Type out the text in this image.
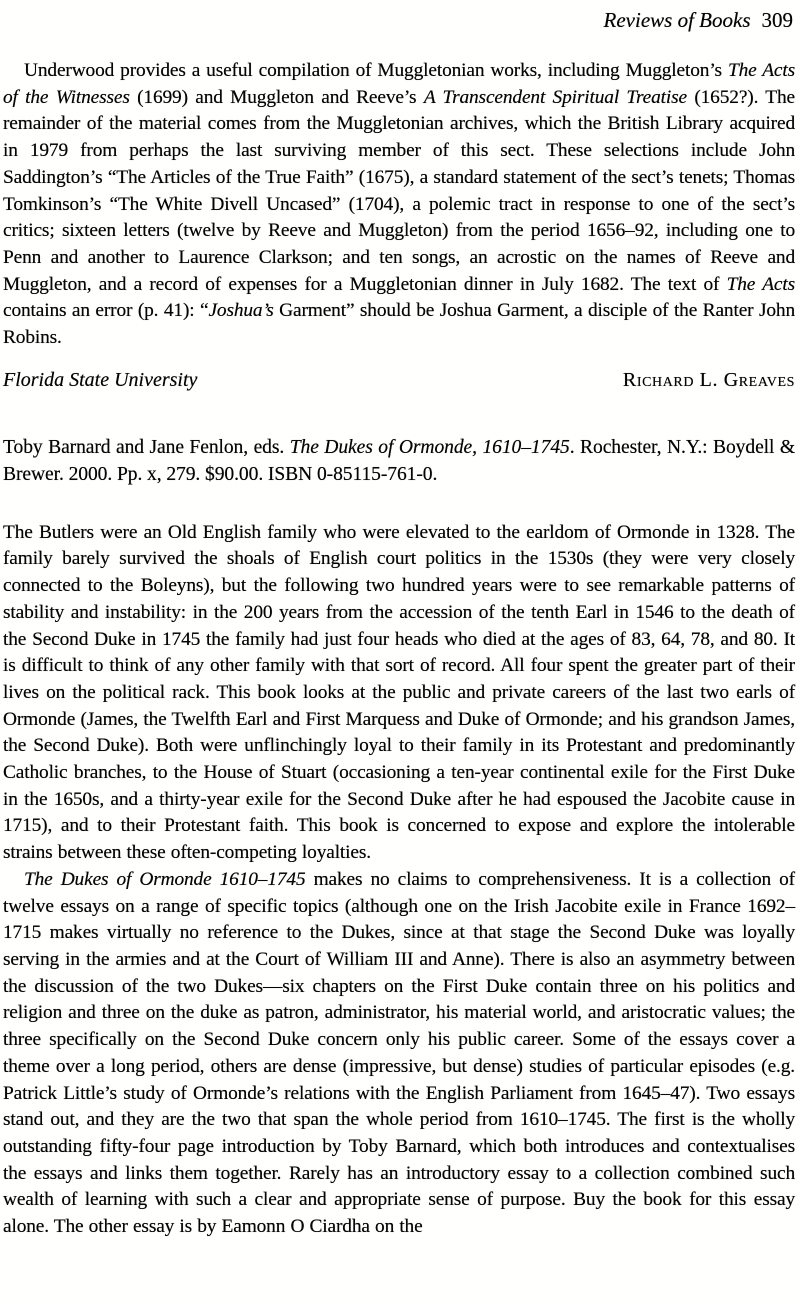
Reviews of Books 309

Underwood provides a useful compilation of Muggletonian works, including Muggleton’s The Acts of the Witnesses (1699) and Muggleton and Reeve’s A Transcendent Spiritual Treatise (1652?). The remainder of the material comes from the Muggletonian archives, which the British Library acquired in 1979 from perhaps the last surviving member of this sect. These selections include John Saddington’s “The Articles of the True Faith” (1675), a standard statement of the sect’s tenets; Thomas Tomkinson’s “The White Divell Uncased” (1704), a polemic tract in response to one of the sect’s critics; sixteen letters (twelve by Reeve and Muggleton) from the period 1656–92, including one to Penn and another to Laurence Clarkson; and ten songs, an acrostic on the names of Reeve and Muggleton, and a record of expenses for a Muggletonian dinner in July 1682. The text of The Acts contains an error (p. 41): “Joshua’s Garment” should be Joshua Garment, a disciple of the Ranter John Robins.

Florida State University	Richard L. Greaves

Toby Barnard and Jane Fenlon, eds. The Dukes of Ormonde, 1610–1745. Rochester, N.Y.: Boydell & Brewer. 2000. Pp. x, 279. $90.00. ISBN 0-85115-761-0.

The Butlers were an Old English family who were elevated to the earldom of Ormonde in 1328. The family barely survived the shoals of English court politics in the 1530s (they were very closely connected to the Boleyns), but the following two hundred years were to see remarkable patterns of stability and instability: in the 200 years from the accession of the tenth Earl in 1546 to the death of the Second Duke in 1745 the family had just four heads who died at the ages of 83, 64, 78, and 80. It is difficult to think of any other family with that sort of record. All four spent the greater part of their lives on the political rack. This book looks at the public and private careers of the last two earls of Ormonde (James, the Twelfth Earl and First Marquess and Duke of Ormonde; and his grandson James, the Second Duke). Both were unflinchingly loyal to their family in its Protestant and predominantly Catholic branches, to the House of Stuart (occasioning a ten-year continental exile for the First Duke in the 1650s, and a thirty-year exile for the Second Duke after he had espoused the Jacobite cause in 1715), and to their Protestant faith. This book is concerned to expose and explore the intolerable strains between these often-competing loyalties.

The Dukes of Ormonde 1610–1745 makes no claims to comprehensiveness. It is a collection of twelve essays on a range of specific topics (although one on the Irish Jacobite exile in France 1692–1715 makes virtually no reference to the Dukes, since at that stage the Second Duke was loyally serving in the armies and at the Court of William III and Anne). There is also an asymmetry between the discussion of the two Dukes—six chapters on the First Duke contain three on his politics and religion and three on the duke as patron, administrator, his material world, and aristocratic values; the three specifically on the Second Duke concern only his public career. Some of the essays cover a theme over a long period, others are dense (impressive, but dense) studies of particular episodes (e.g. Patrick Little’s study of Ormonde’s relations with the English Parliament from 1645–47). Two essays stand out, and they are the two that span the whole period from 1610–1745. The first is the wholly outstanding fifty-four page introduction by Toby Barnard, which both introduces and contextualises the essays and links them together. Rarely has an introductory essay to a collection combined such wealth of learning with such a clear and appropriate sense of purpose. Buy the book for this essay alone. The other essay is by Eamonn O Ciardha on the
